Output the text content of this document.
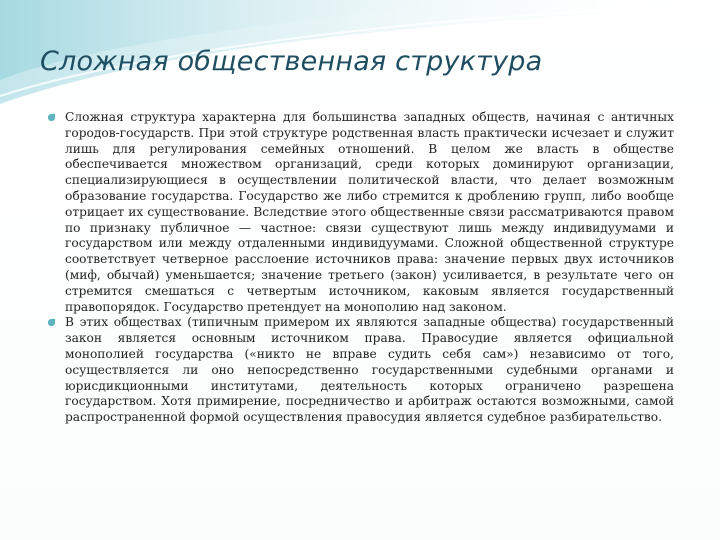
Сложная общественная структура
Сложная структура характерна для большинства западных обществ, начиная с античных городов-государств. При этой структуре родственная власть практически исчезает и служит лишь для регулирования семейных отношений. В целом же власть в обществе обеспечивается множеством организаций, среди которых доминируют организации, специализирующиеся в осуществлении политической власти, что делает возможным образование государства. Государство же либо стремится к дроблению групп, либо вообще отрицает их существование. Вследствие этого общественные связи рассматриваются правом по признаку публичное — частное: связи существуют лишь между индивидуумами и государством или между отдаленными индивидуумами. Сложной общественной структуре соответствует четверное расслоение источников права: значение первых двух источников (миф, обычай) уменьшается; значение третьего (закон) усиливается, в результате чего он стремится смешаться с четвертым источником, каковым является государственный правопорядок. Государство претендует на монополию над законом.
В этих обществах (типичным примером их являются западные общества) государственный закон является основным источником права. Правосудие является официальной монополией государства («никто не вправе судить себя сам») независимо от того, осуществляется ли оно непосредственно государственными судебными органами и юрисдикционными институтами, деятельность которых ограничено разрешена государством. Хотя примирение, посредничество и арбитраж остаются возможными, самой распространенной формой осуществления правосудия является судебное разбирательство.
